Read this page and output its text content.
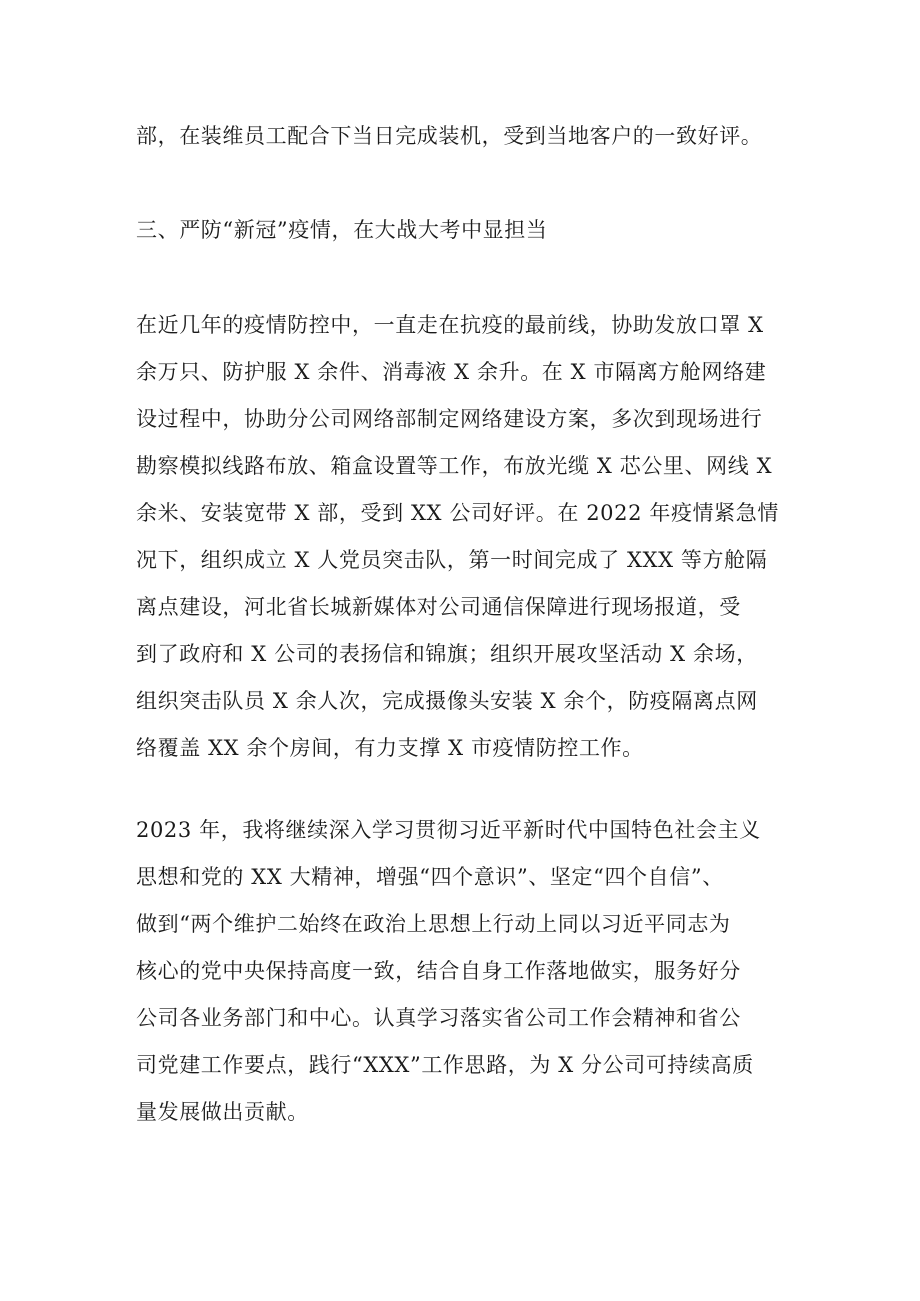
部，在装维员工配合下当日完成装机，受到当地客户的一致好评。
三、严防“新冠”疫情，在大战大考中显担当
在近几年的疫情防控中，一直走在抗疫的最前线，协助发放口罩 X
余万只、防护服 X 余件、消毒液 X 余升。在 X 市隔离方舱网络建
设过程中，协助分公司网络部制定网络建设方案，多次到现场进行
勘察模拟线路布放、箱盒设置等工作，布放光缆 X 芯公里、网线 X
余米、安装宽带 X 部，受到 XX 公司好评。在 2022 年疫情紧急情
况下，组织成立 X 人党员突击队，第一时间完成了 XXX 等方舱隔
离点建设，河北省长城新媒体对公司通信保障进行现场报道，受
到了政府和 X 公司的表扬信和锦旗；组织开展攻坚活动 X 余场，
组织突击队员 X 余人次，完成摄像头安装 X 余个，防疫隔离点网
络覆盖 XX 余个房间，有力支撑 X 市疫情防控工作。
2023 年，我将继续深入学习贯彻习近平新时代中国特色社会主义
思想和党的 XX 大精神，增强“四个意识”、坚定“四个自信”、
做到“两个维护二始终在政治上思想上行动上同以习近平同志为
核心的党中央保持高度一致，结合自身工作落地做实，服务好分
公司各业务部门和中心。认真学习落实省公司工作会精神和省公
司党建工作要点，践行“XXX”工作思路，为 X 分公司可持续高质
量发展做出贡献。
